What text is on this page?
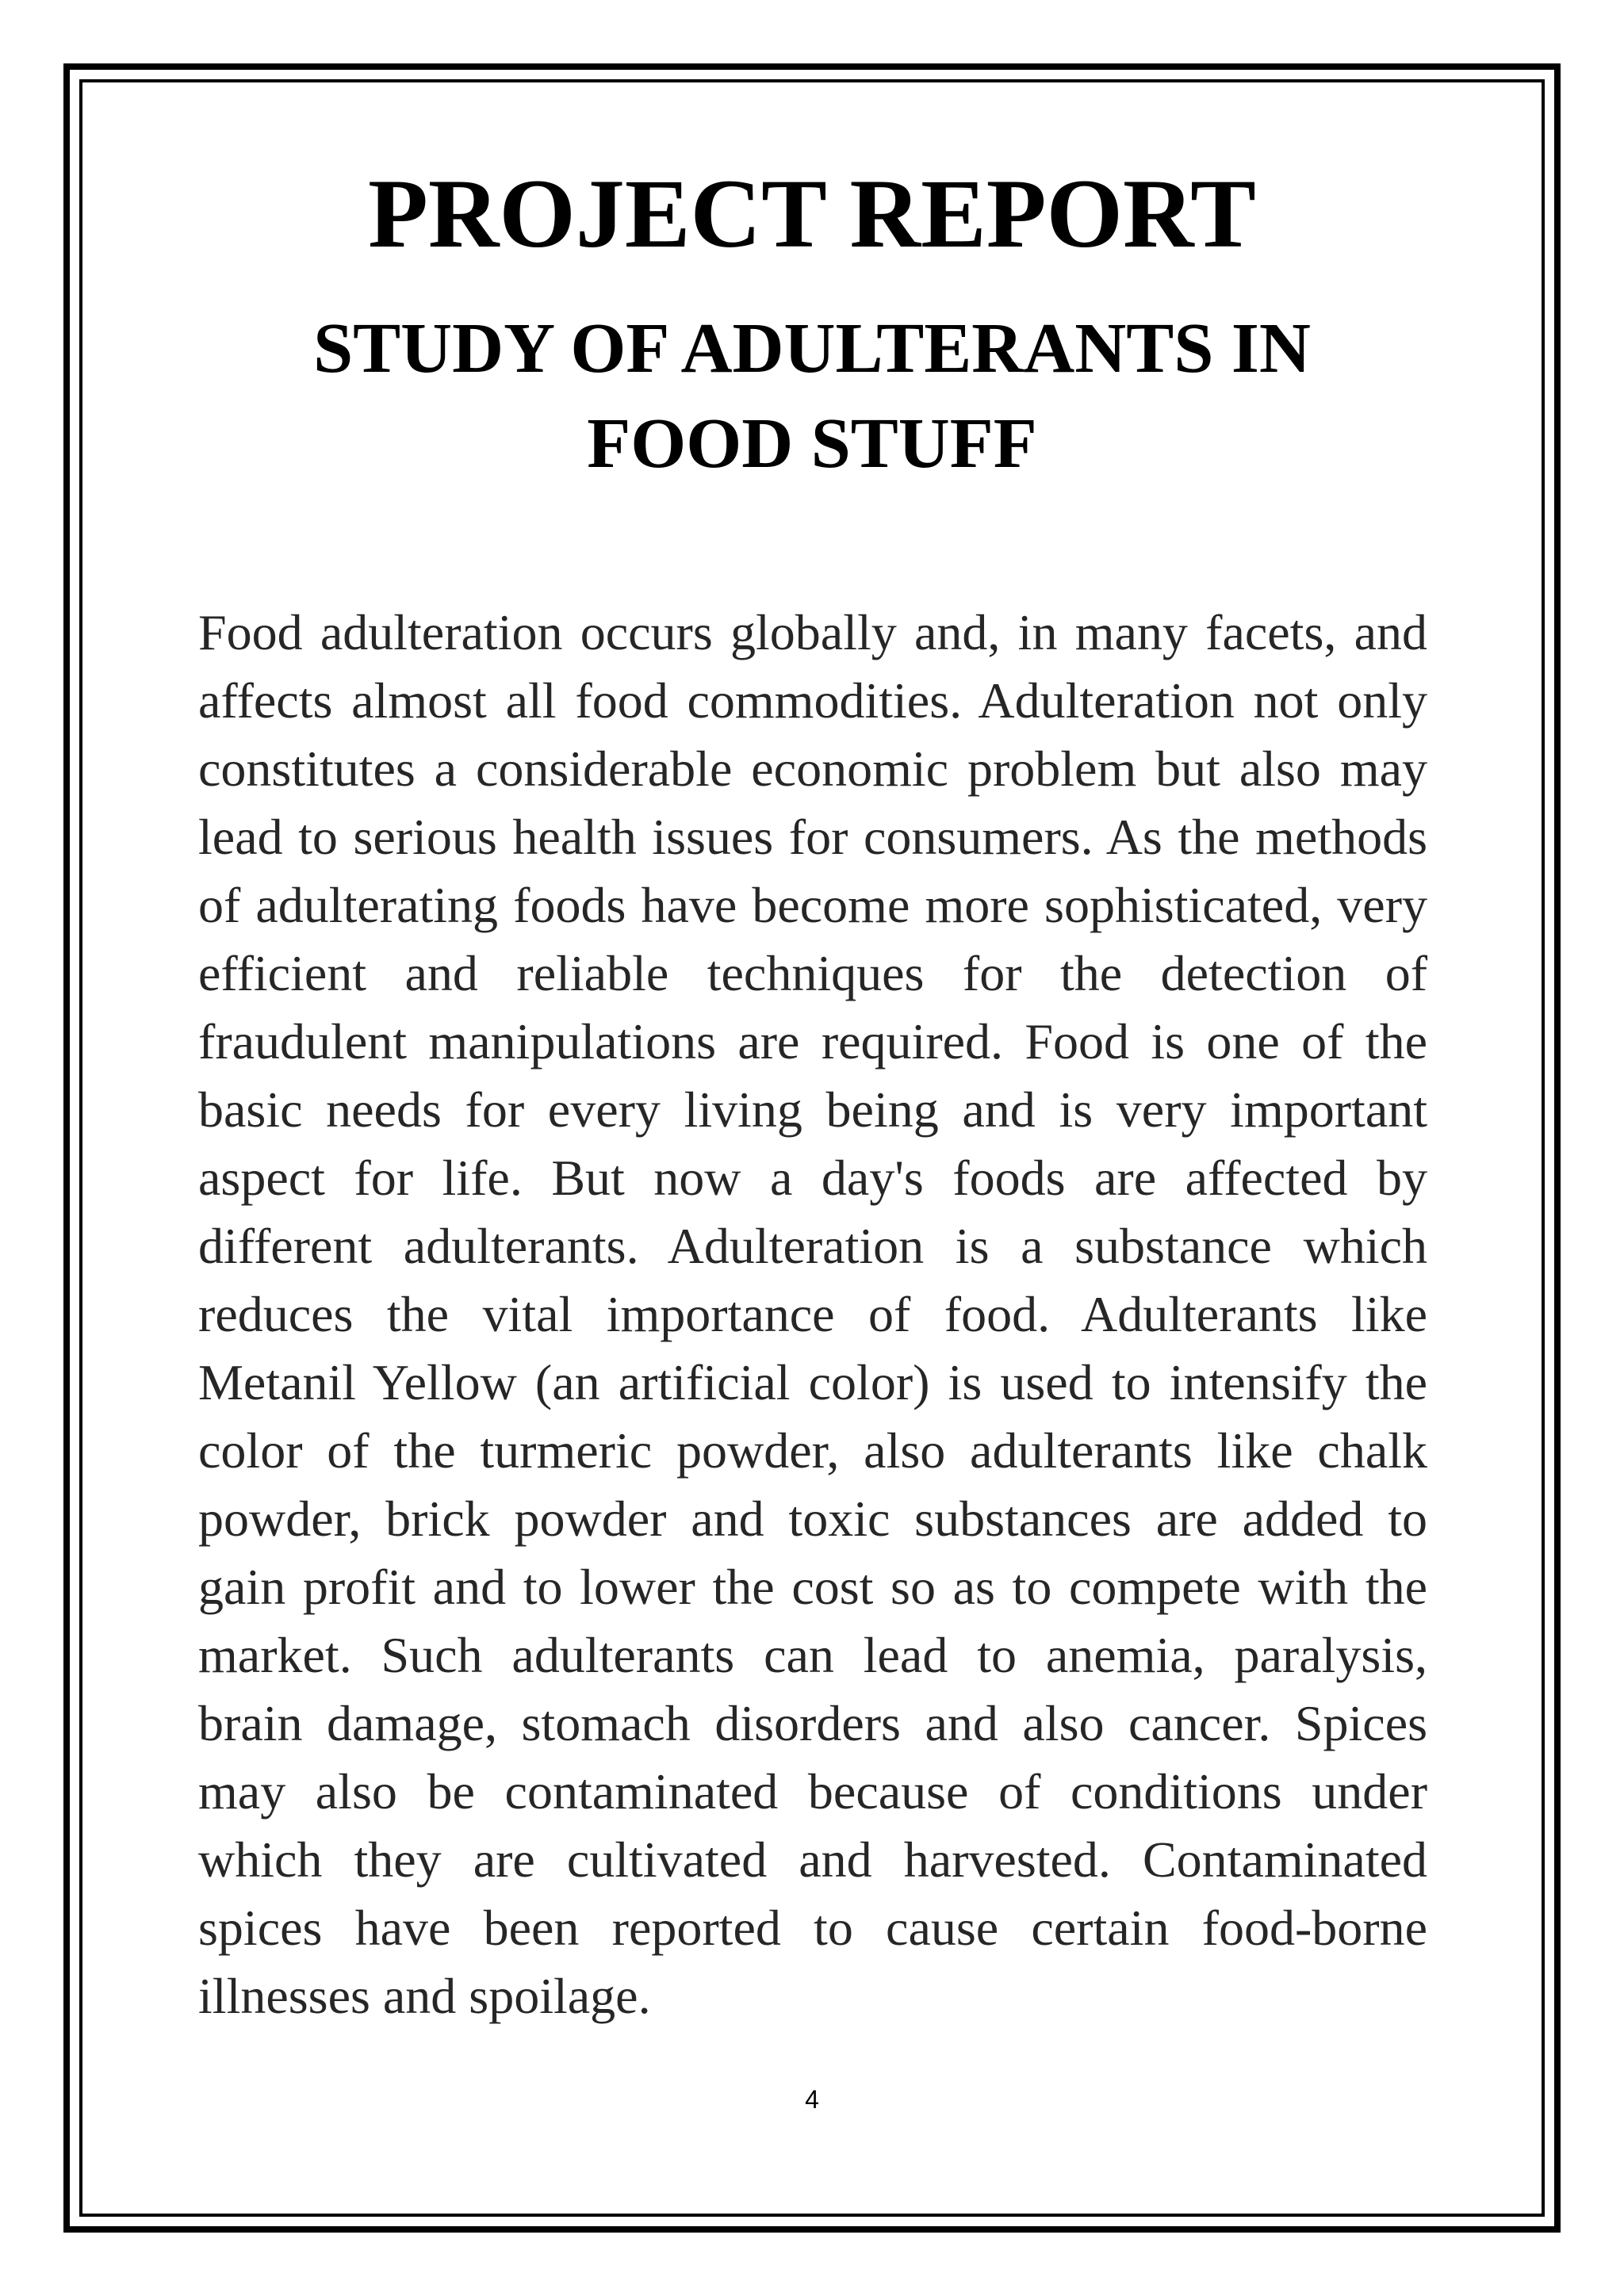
PROJECT REPORT
STUDY OF ADULTERANTS IN FOOD STUFF

Food adulteration occurs globally and, in many facets, and affects almost all food commodities. Adulteration not only constitutes a considerable economic problem but also may lead to serious health issues for consumers. As the methods of adulterating foods have become more sophisticated, very efficient and reliable techniques for the detection of fraudulent manipulations are required. Food is one of the basic needs for every living being and is very important aspect for life. But now a day's foods are affected by different adulterants. Adulteration is a substance which reduces the vital importance of food. Adulterants like Metanil Yellow (an artificial color) is used to intensify the color of the turmeric powder, also adulterants like chalk powder, brick powder and toxic substances are added to gain profit and to lower the cost so as to compete with the market. Such adulterants can lead to anemia, paralysis, brain damage, stomach disorders and also cancer. Spices may also be contaminated because of conditions under which they are cultivated and harvested. Contaminated spices have been reported to cause certain food-borne illnesses and spoilage.

4
